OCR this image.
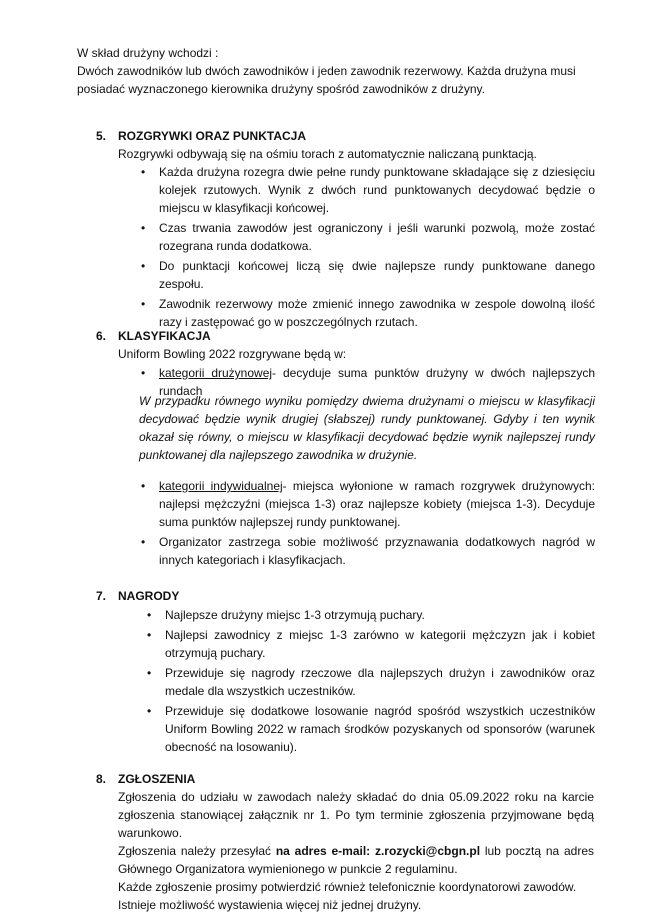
W skład drużyny wchodzi :

Dwóch zawodników lub dwóch zawodników i jeden zawodnik rezerwowy. Każda drużyna musi posiadać wyznaczonego kierownika drużyny spośród zawodników z drużyny.

5. ROZGRYWKI ORAZ PUNKTACJA

Rozgrywki odbywają się na ośmiu torach z automatycznie naliczaną punktacją.

• Każda drużyna rozegra dwie pełne rundy punktowane składające się z dziesięciu kolejek rzutowych. Wynik z dwóch rund punktowanych decydować będzie o miejscu w klasyfikacji końcowej.
• Czas trwania zawodów jest ograniczony i jeśli warunki pozwolą, może zostać rozegrana runda dodatkowa.
• Do punktacji końcowej liczą się dwie najlepsze rundy punktowane danego zespołu.
• Zawodnik rezerwowy może zmienić innego zawodnika w zespole dowolną ilość razy i zastępować go w poszczególnych rzutach.
6. KLASYFIKACJA

Uniform Bowling 2022 rozgrywane będą w:

• kategorii drużynowej- decyduje suma punktów drużyny w dwóch najlepszych rundach

W przypadku równego wyniku pomiędzy dwiema drużynami o miejscu w klasyfikacji decydować będzie wynik drugiej (słabszej) rundy punktowanej. Gdyby i ten wynik okazał się równy, o miejscu w klasyfikacji decydować będzie wynik najlepszej rundy punktowanej dla najlepszego zawodnika w drużynie.

• kategorii indywidualnej- miejsca wyłonione w ramach rozgrywek drużynowych: najlepsi mężczyźni (miejsca 1-3) oraz najlepsze kobiety (miejsca 1-3). Decyduje suma punktów najlepszej rundy punktowanej.
• Organizator zastrzega sobie możliwość przyznawania dodatkowych nagród w innych kategoriach i klasyfikacjach.
7. NAGRODY
• Najlepsze drużyny miejsc 1-3 otrzymują puchary.
• Najlepsi zawodnicy z miejsc 1-3 zarówno w kategorii mężczyzn jak i kobiet otrzymują puchary.
• Przewiduje się nagrody rzeczowe dla najlepszych drużyn i zawodników oraz medale dla wszystkich uczestników.
• Przewiduje się dodatkowe losowanie nagród spośród wszystkich uczestników Uniform Bowling 2022 w ramach środków pozyskanych od sponsorów (warunek obecność na losowaniu).
8. ZGŁOSZENIA
Zgłoszenia do udziału w zawodach należy składać do dnia 05.09.2022 roku na karcie zgłoszenia stanowiącej załącznik nr 1. Po tym terminie zgłoszenia przyjmowane będą warunkowo.
Zgłoszenia należy przesyłać na adres e-mail: z.rozycki@cbgn.pl lub pocztą na adres Głównego Organizatora wymienionego w punkcie 2 regulaminu.
Każde zgłoszenie prosimy potwierdzić również telefonicznie koordynatorowi zawodów.
Istnieje możliwość wystawienia więcej niż jednej drużyny.
